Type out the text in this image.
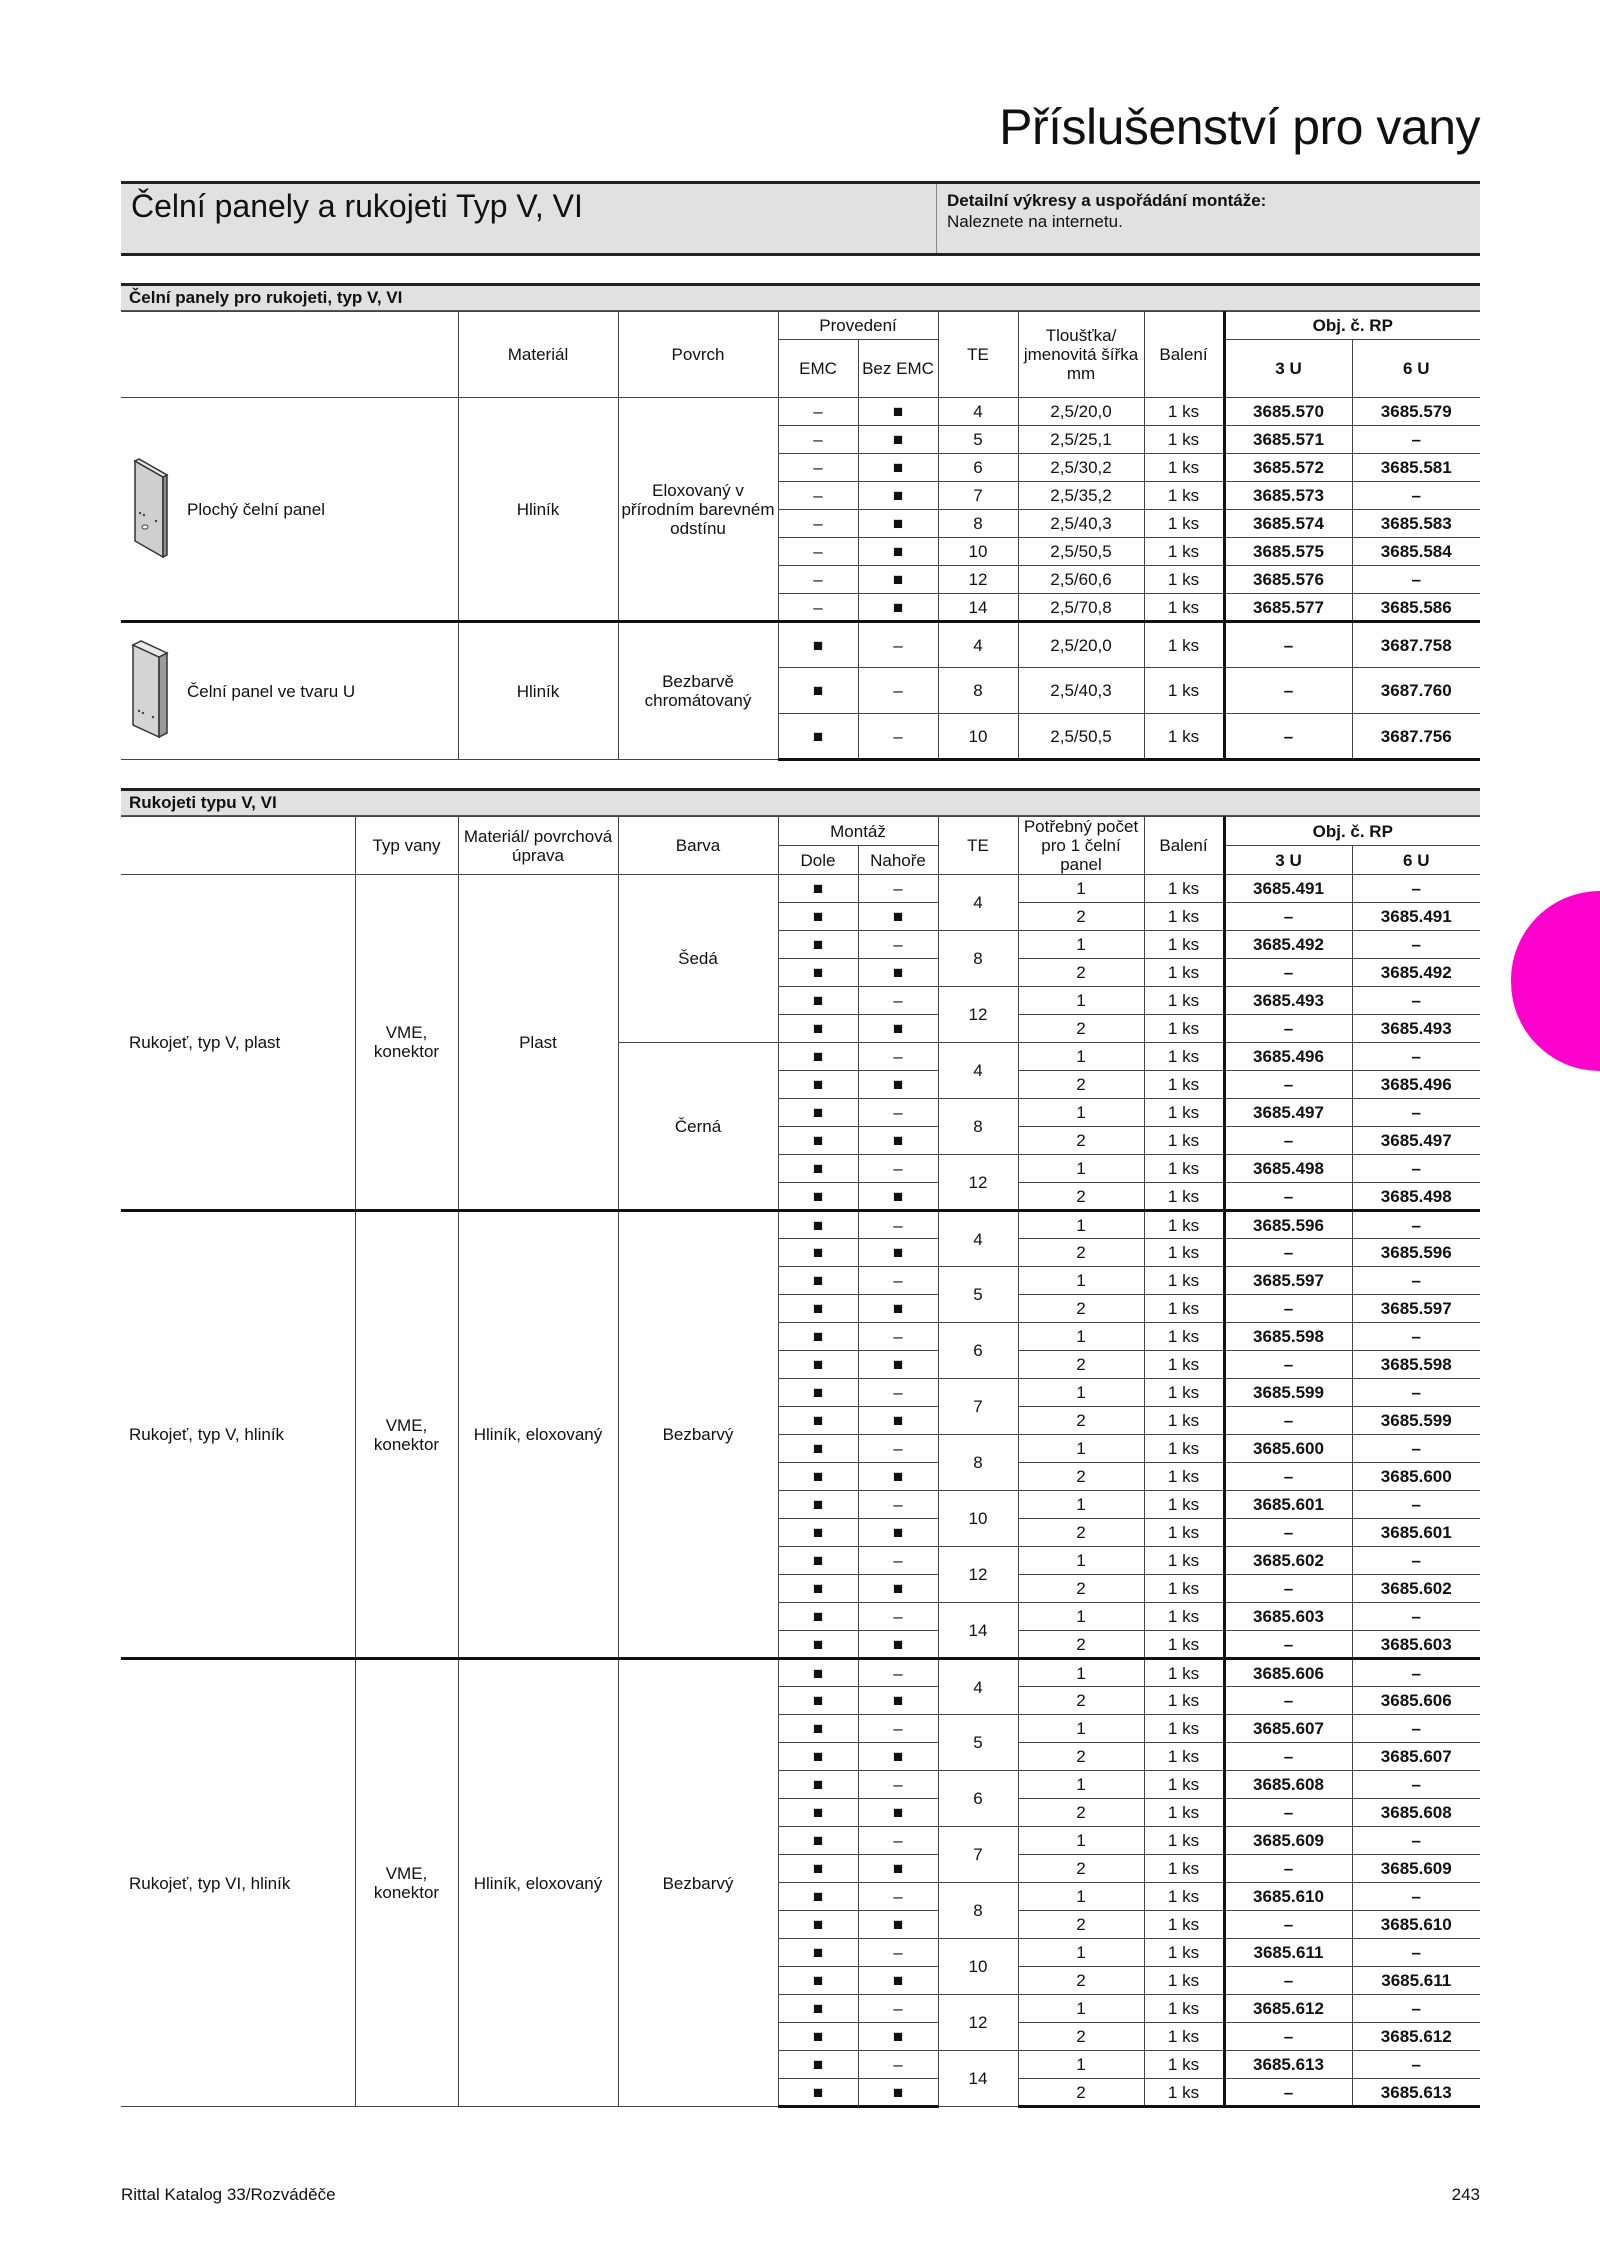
Příslušenství pro vany
Čelní panely a rukojeti Typ V, VI	Detailní výkresy a uspořádání montáže:
Naleznete na internetu.
Čelní panely pro rukojeti, typ V, VI
	Materiál	Povrch	Provedení		TE	Tloušťka/ jmenovitá šířka mm	Balení	Obj. č. RP	
			EMC	Bez EMC				3 U	6 U

Plochý čelní panel	Hliník	Eloxovaný v přírodním barevném odstínu	–	■	4	2,5/20,0	1 ks	3685.570	3685.579
			–	■	5	2,5/25,1	1 ks	3685.571	–
			–	■	6	2,5/30,2	1 ks	3685.572	3685.581
			–	■	7	2,5/35,2	1 ks	3685.573	–
			–	■	8	2,5/40,3	1 ks	3685.574	3685.583
			–	■	10	2,5/50,5	1 ks	3685.575	3685.584
			–	■	12	2,5/60,6	1 ks	3685.576	–
			–	■	14	2,5/70,8	1 ks	3685.577	3685.586

Čelní panel ve tvaru U	Hliník	Bezbarvě chromátovaný	■	–	4	2,5/20,0	1 ks	–	3687.758
			■	–	8	2,5/40,3	1 ks	–	3687.760
			■	–	10	2,5/50,5	1 ks	–	3687.756
Rukojeti typu V, VI
	Typ vany	Materiál/ povrchová úprava	Barva	Montáž		TE	Potřebný počet pro 1 čelní panel	Balení	Obj. č. RP	
				Dole	Nahoře				3 U	6 U
Rukojeť, typ V, plast	VME, konektor	Plast	Šedá	■	–	4	1	1 ks	3685.491	–
				■	■		2	1 ks	–	3685.491
				■	–	8	1	1 ks	3685.492	–
				■	■		2	1 ks	–	3685.492
				■	–	12	1	1 ks	3685.493	–
				■	■		2	1 ks	–	3685.493
			Černá	■	–	4	1	1 ks	3685.496	–
				■	■		2	1 ks	–	3685.496
				■	–	8	1	1 ks	3685.497	–
				■	■		2	1 ks	–	3685.497
				■	–	12	1	1 ks	3685.498	–
				■	■		2	1 ks	–	3685.498
Rukojeť, typ V, hliník	VME, konektor	Hliník, eloxovaný	Bezbarvý	■	–	4	1	1 ks	3685.596	–
				■	■		2	1 ks	–	3685.596
				■	–	5	1	1 ks	3685.597	–
				■	■		2	1 ks	–	3685.597
				■	–	6	1	1 ks	3685.598	–
				■	■		2	1 ks	–	3685.598
				■	–	7	1	1 ks	3685.599	–
				■	■		2	1 ks	–	3685.599
				■	–	8	1	1 ks	3685.600	–
				■	■		2	1 ks	–	3685.600
				■	–	10	1	1 ks	3685.601	–
				■	■		2	1 ks	–	3685.601
				■	–	12	1	1 ks	3685.602	–
				■	■		2	1 ks	–	3685.602
				■	–	14	1	1 ks	3685.603	–
				■	■		2	1 ks	–	3685.603
Rukojeť, typ VI, hliník	VME, konektor	Hliník, eloxovaný	Bezbarvý	■	–	4	1	1 ks	3685.606	–
				■	■		2	1 ks	–	3685.606
				■	–	5	1	1 ks	3685.607	–
				■	■		2	1 ks	–	3685.607
				■	–	6	1	1 ks	3685.608	–
				■	■		2	1 ks	–	3685.608
				■	–	7	1	1 ks	3685.609	–
				■	■		2	1 ks	–	3685.609
				■	–	8	1	1 ks	3685.610	–
				■	■		2	1 ks	–	3685.610
				■	–	10	1	1 ks	3685.611	–
				■	■		2	1 ks	–	3685.611
				■	–	12	1	1 ks	3685.612	–
				■	■		2	1 ks	–	3685.612
				■	–	14	1	1 ks	3685.613	–
				■	■		2	1 ks	–	3685.613
Rittal Katalog 33/Rozváděče	243
